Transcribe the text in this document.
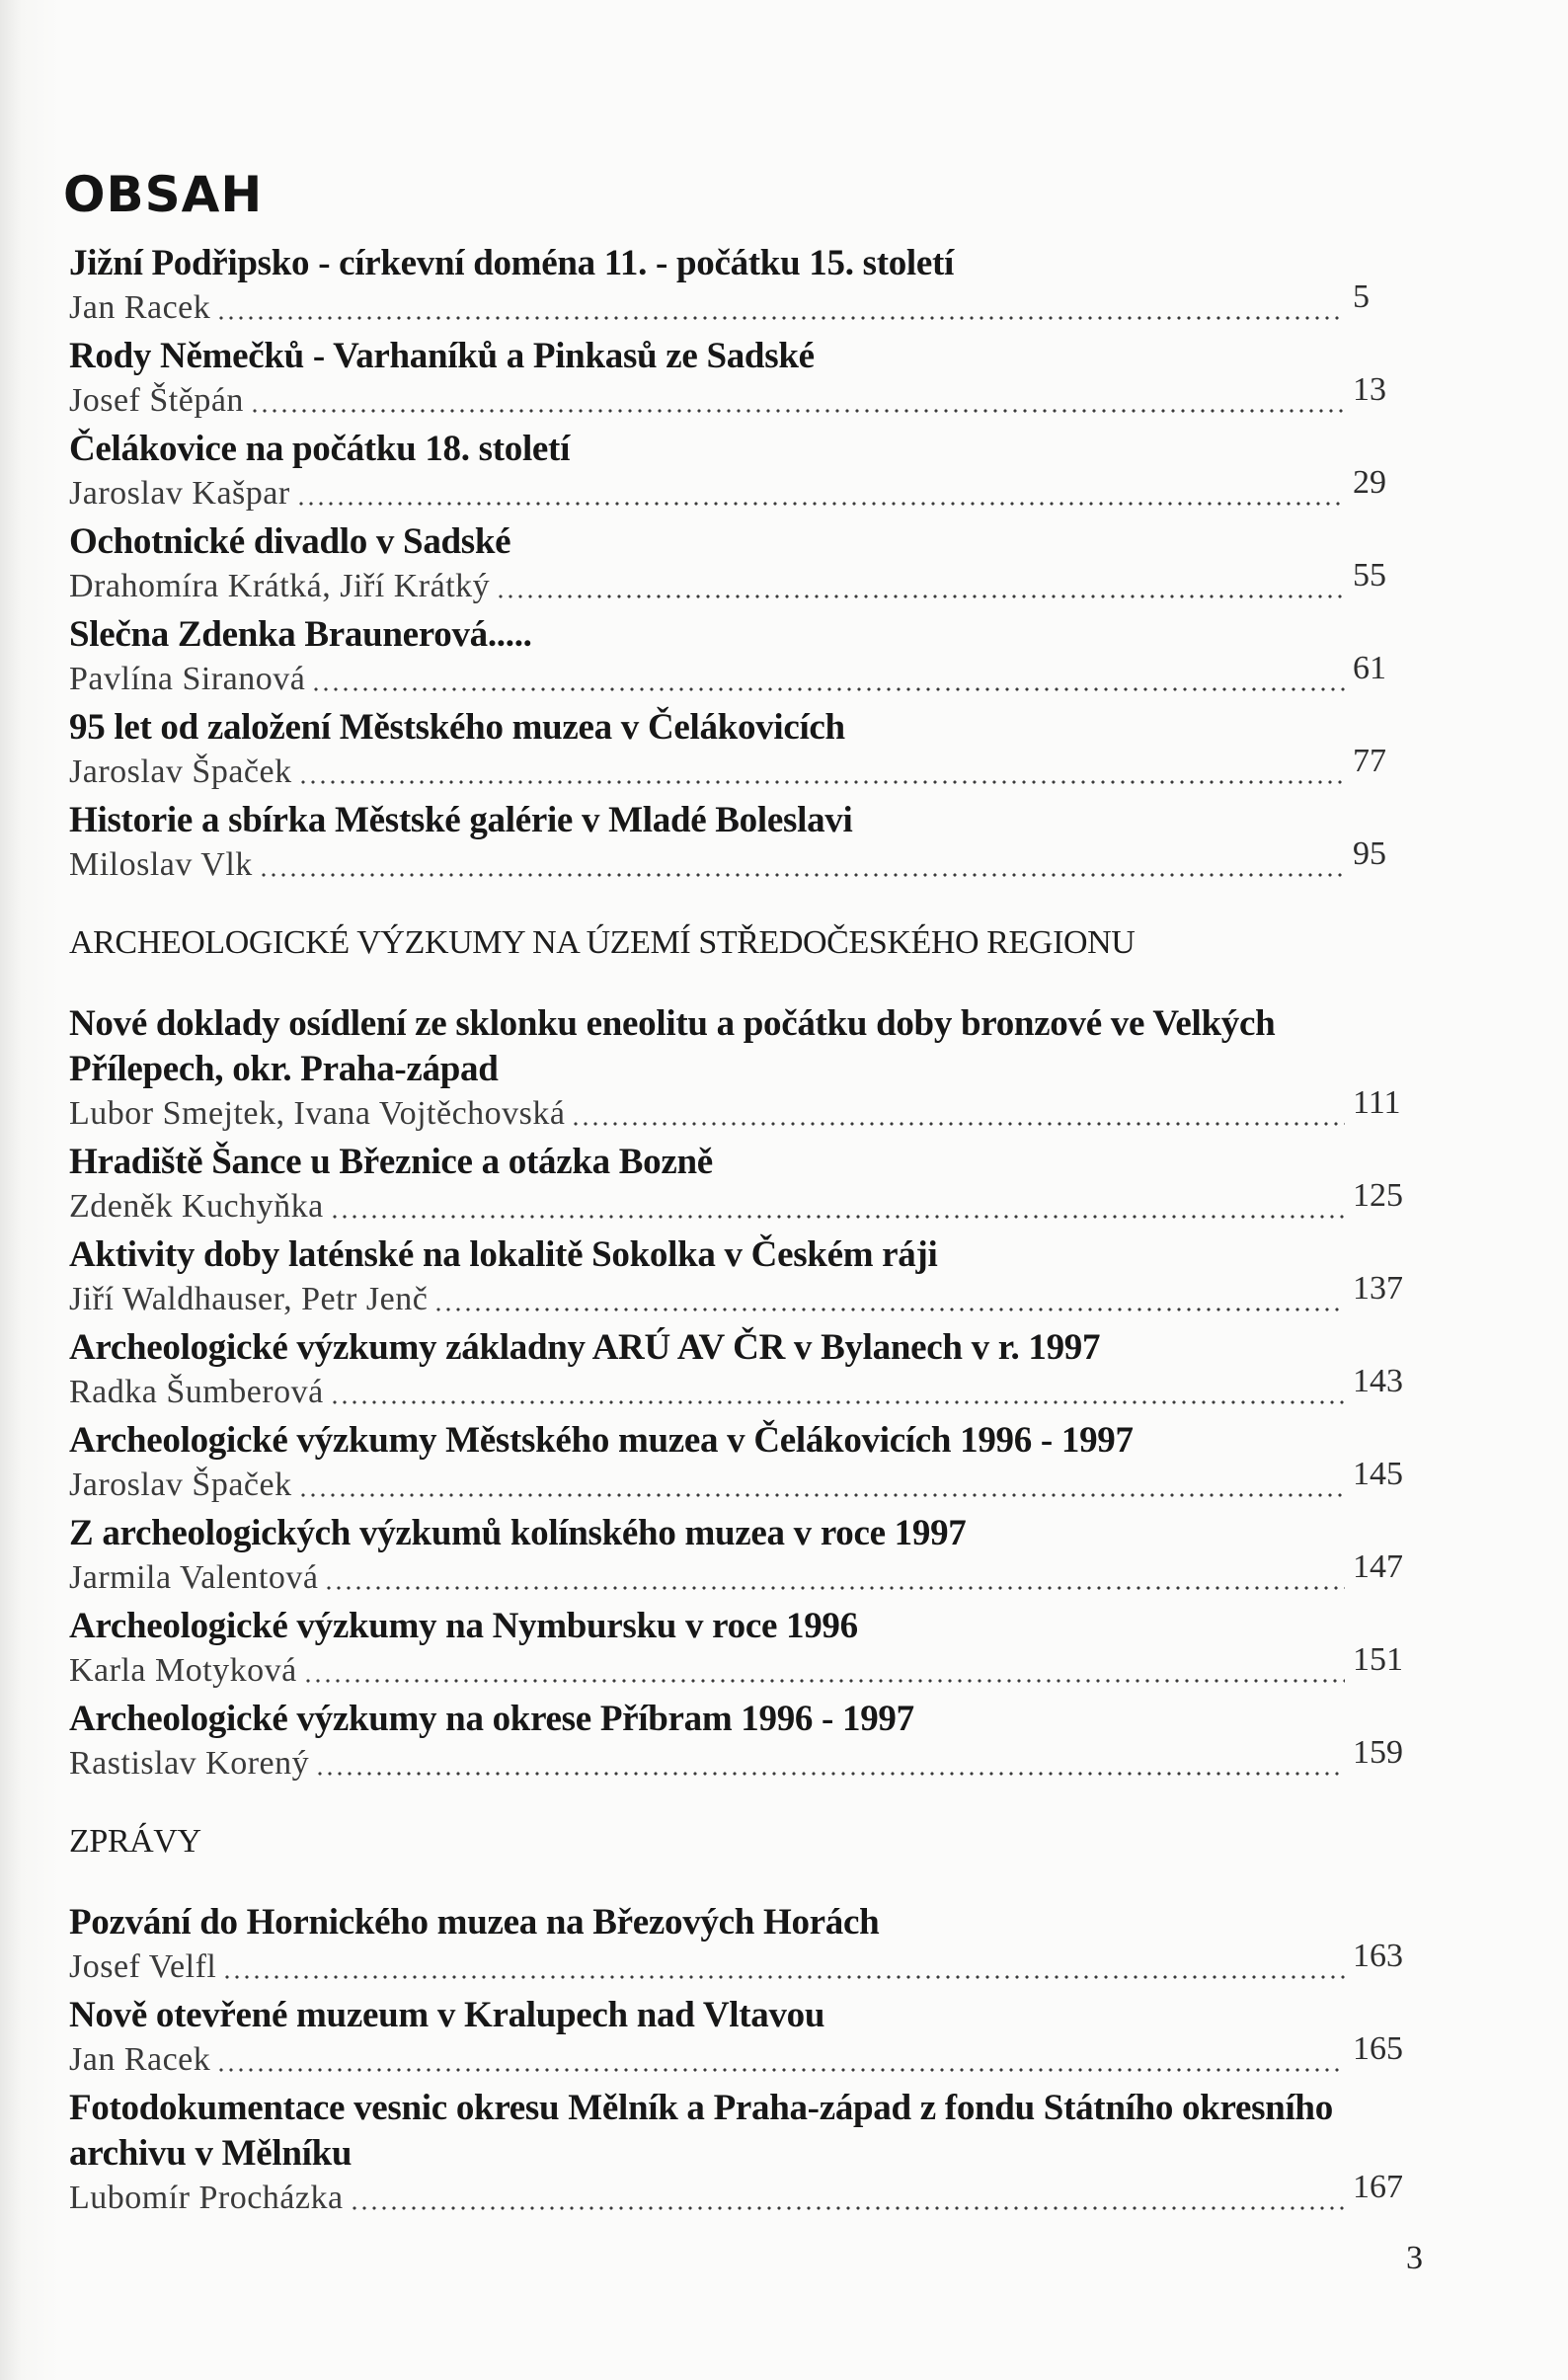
OBSAH
Jižní Podřipsko - církevní doména 11. - počátku 15. století
Jan Racek	5
Rody Němečků - Varhaníků a Pinkasů ze Sadské
Josef Štěpán	13
Čelákovice na počátku 18. století
Jaroslav Kašpar	29
Ochotnické divadlo v Sadské
Drahomíra Krátká, Jiří Krátký	55
Slečna Zdenka Braunerová.....
Pavlína Siranová	61
95 let od založení Městského muzea v Čelákovicích
Jaroslav Špaček	77
Historie a sbírka Městské galérie v Mladé Boleslavi
Miloslav Vlk	95
ARCHEOLOGICKÉ VÝZKUMY NA ÚZEMÍ STŘEDOČESKÉHO REGIONU
Nové doklady osídlení ze sklonku eneolitu a počátku doby bronzové ve Velkých Přílepech, okr. Praha-západ
Lubor Smejtek, Ivana Vojtěchovská	111
Hradiště Šance u Březnice a otázka Bozně
Zdeněk Kuchyňka	125
Aktivity doby laténské na lokalitě Sokolka v Českém ráji
Jiří Waldhauser, Petr Jenč	137
Archeologické výzkumy základny ARÚ AV ČR v Bylanech v r. 1997
Radka Šumberová	143
Archeologické výzkumy Městského muzea v Čelákovicích 1996 - 1997
Jaroslav Špaček	145
Z archeologických výzkumů kolínského muzea v roce 1997
Jarmila Valentová	147
Archeologické výzkumy na Nymbursku v roce 1996
Karla Motyková	151
Archeologické výzkumy na okrese Příbram 1996 - 1997
Rastislav Korený	159
ZPRÁVY
Pozvání do Hornického muzea na Březových Horách
Josef Velfl	163
Nově otevřené muzeum v Kralupech nad Vltavou
Jan Racek	165
Fotodokumentace vesnic okresu Mělník a Praha-západ z fondu Státního okresního archivu v Mělníku
Lubomír Procházka	167
3
